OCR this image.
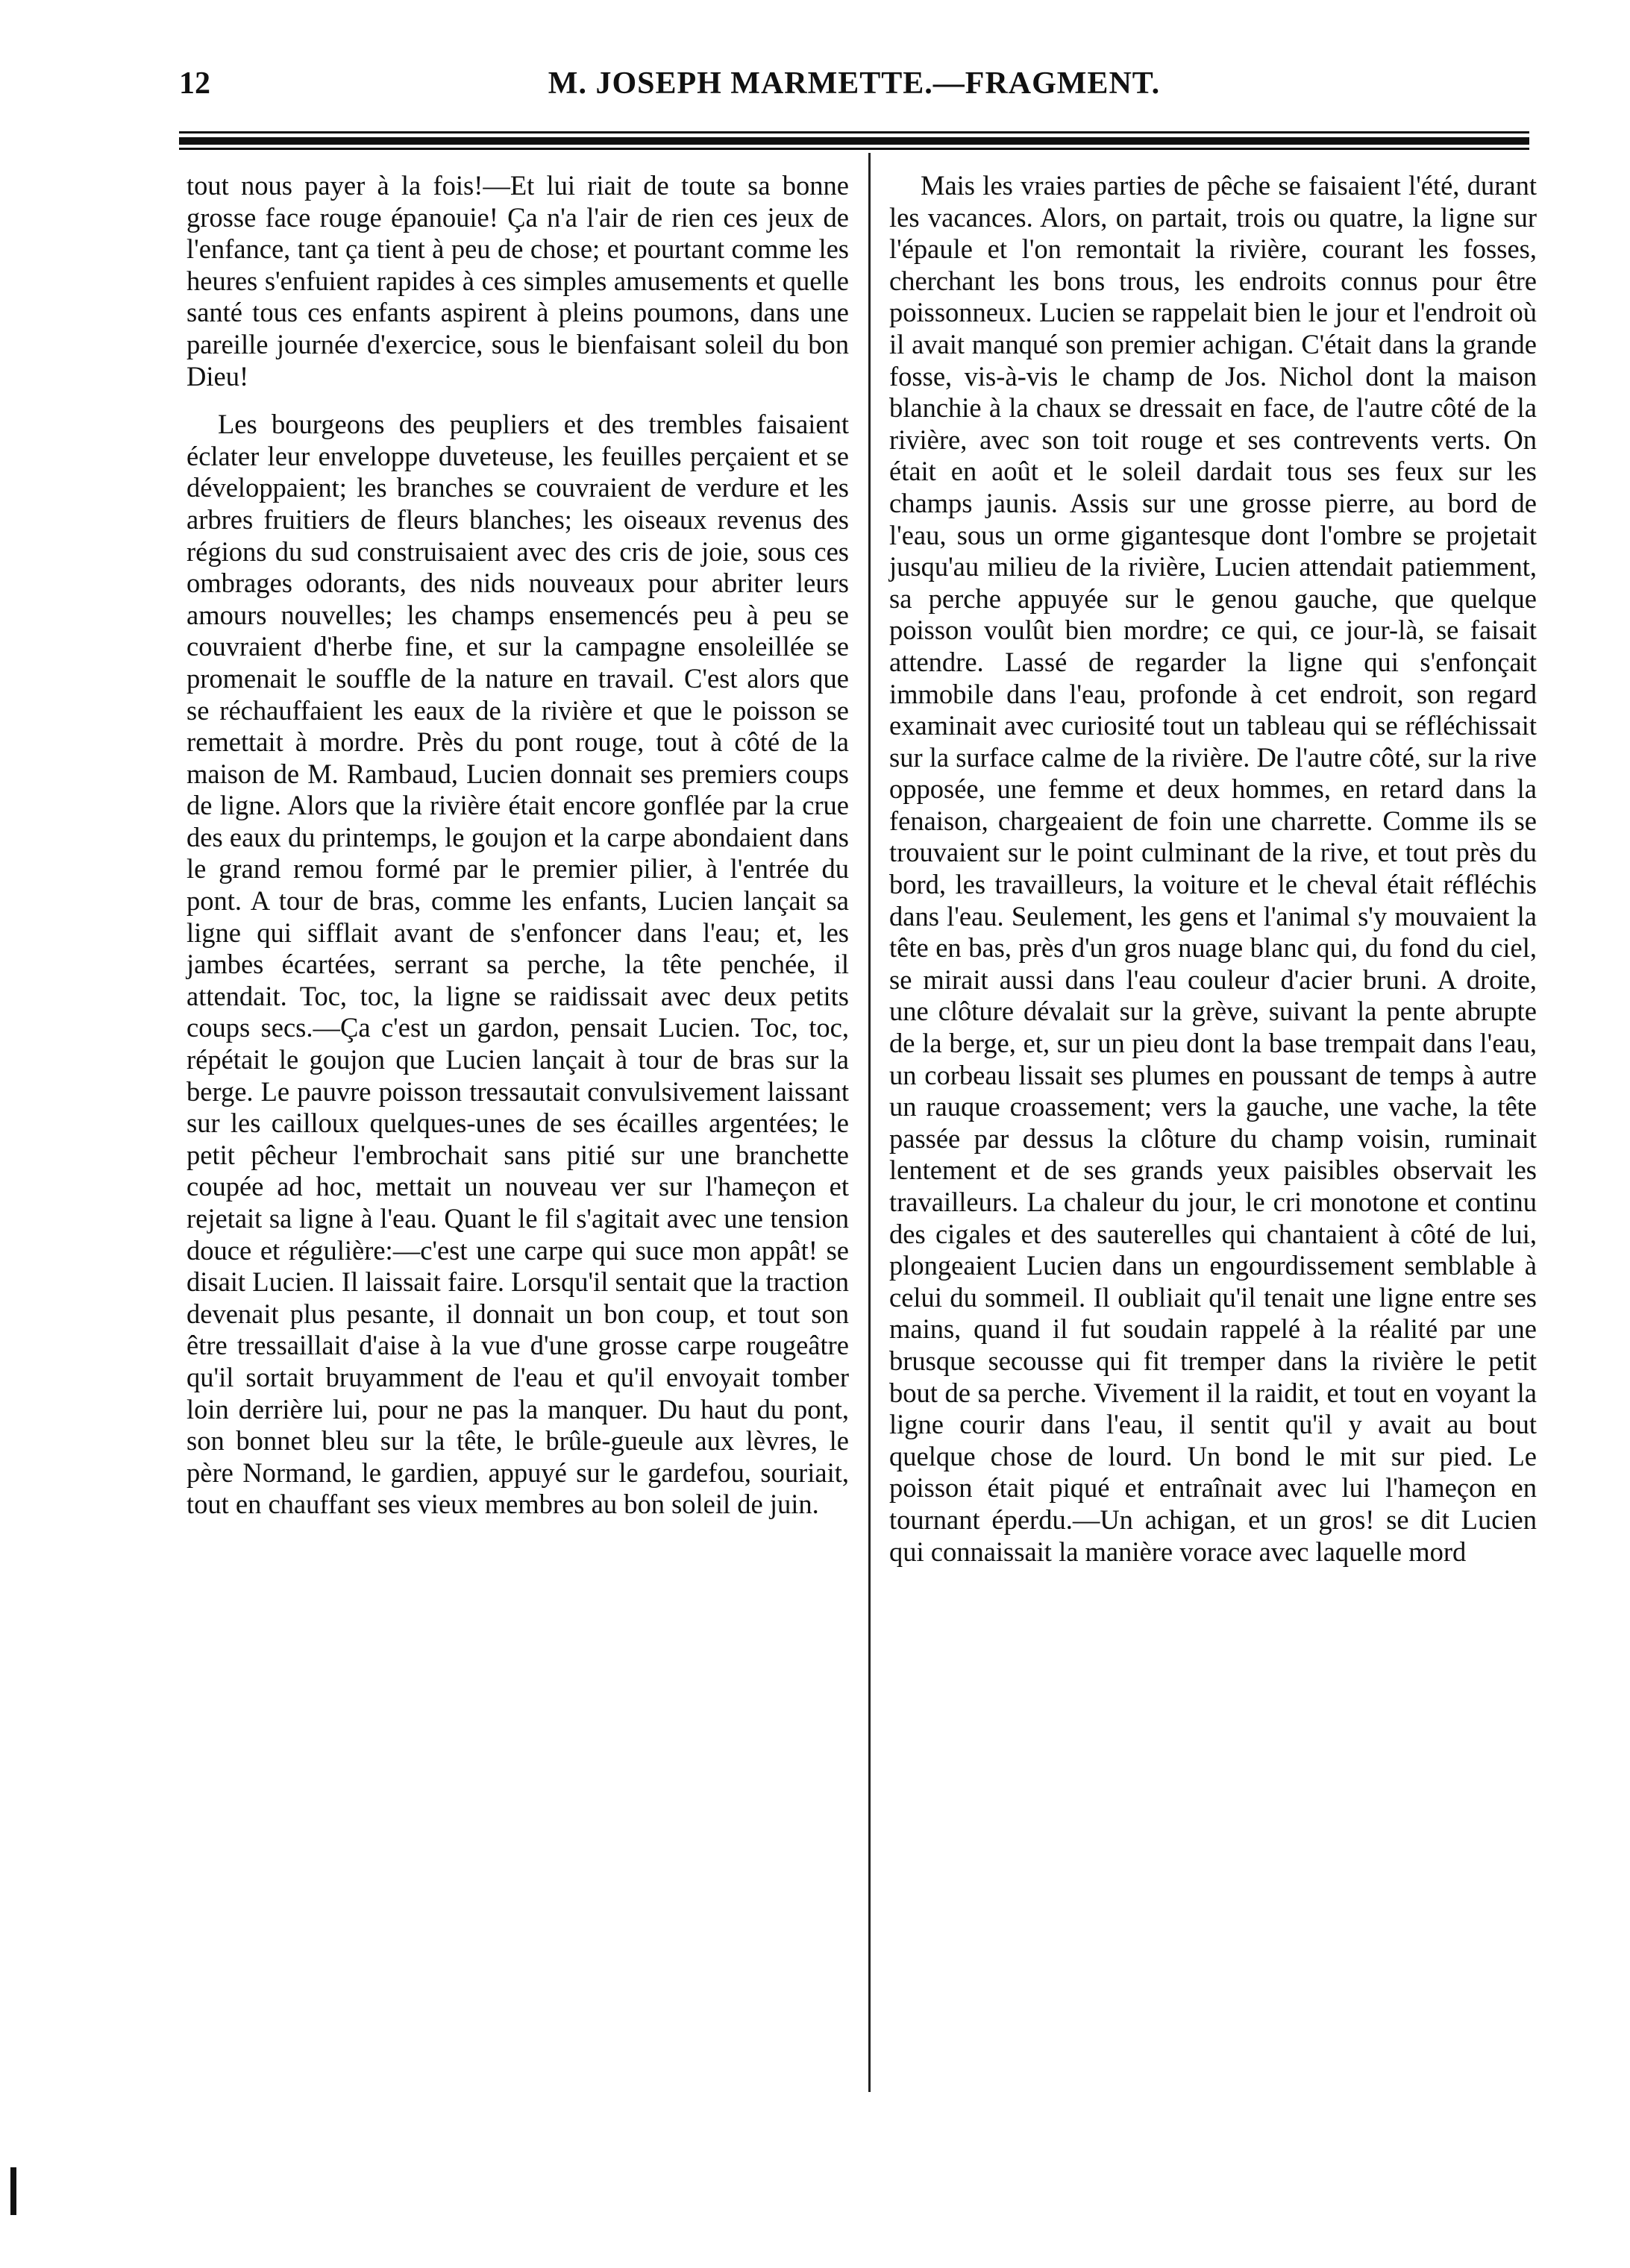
12	M. JOSEPH MARMETTE.—FRAGMENT.

tout nous payer à la fois!—Et lui riait de toute sa bonne grosse face rouge épanouie! Ça n'a l'air de rien ces jeux de l'enfance, tant ça tient à peu de chose; et pourtant comme les heures s'enfuient rapides à ces simples amusements et quelle santé tous ces enfants aspirent à pleins poumons, dans une pareille journée d'exercice, sous le bienfaisant soleil du bon Dieu!

Les bourgeons des peupliers et des trembles faisaient éclater leur enveloppe duveteuse, les feuilles perçaient et se développaient; les branches se couvraient de verdure et les arbres fruitiers de fleurs blanches; les oiseaux revenus des régions du sud construisaient avec des cris de joie, sous ces ombrages odorants, des nids nouveaux pour abriter leurs amours nouvelles; les champs ensemencés peu à peu se couvraient d'herbe fine, et sur la campagne ensoleillée se promenait le souffle de la nature en travail. C'est alors que se réchauffaient les eaux de la rivière et que le poisson se remettait à mordre. Près du pont rouge, tout à côté de la maison de M. Rambaud, Lucien donnait ses premiers coups de ligne. Alors que la rivière était encore gonflée par la crue des eaux du printemps, le goujon et la carpe abondaient dans le grand remou formé par le premier pilier, à l'entrée du pont. A tour de bras, comme les enfants, Lucien lançait sa ligne qui sifflait avant de s'enfoncer dans l'eau; et, les jambes écartées, serrant sa perche, la tête penchée, il attendait. Toc, toc, la ligne se raidissait avec deux petits coups secs.—Ça c'est un gardon, pensait Lucien. Toc, toc, répétait le goujon que Lucien lançait à tour de bras sur la berge. Le pauvre poisson tressautait convulsivement laissant sur les cailloux quelques-unes de ses écailles argentées; le petit pêcheur l'embrochait sans pitié sur une branchette coupée ad hoc, mettait un nouveau ver sur l'hameçon et rejetait sa ligne à l'eau. Quant le fil s'agitait avec une tension douce et régulière:—c'est une carpe qui suce mon appât! se disait Lucien. Il laissait faire. Lorsqu'il sentait que la traction devenait plus pesante, il donnait un bon coup, et tout son être tressaillait d'aise à la vue d'une grosse carpe rougeâtre qu'il sortait bruyamment de l'eau et qu'il envoyait tomber loin derrière lui, pour ne pas la manquer. Du haut du pont, son bonnet bleu sur la tête, le brûle-gueule aux lèvres, le père Normand, le gardien, appuyé sur le gardefou, souriait, tout en chauffant ses vieux membres au bon soleil de juin.

Mais les vraies parties de pêche se faisaient l'été, durant les vacances. Alors, on partait, trois ou quatre, la ligne sur l'épaule et l'on remontait la rivière, courant les fosses, cherchant les bons trous, les endroits connus pour être poissonneux. Lucien se rappelait bien le jour et l'endroit où il avait manqué son premier achigan. C'était dans la grande fosse, vis-à-vis le champ de Jos. Nichol dont la maison blanchie à la chaux se dressait en face, de l'autre côté de la rivière, avec son toit rouge et ses contrevents verts. On était en août et le soleil dardait tous ses feux sur les champs jaunis. Assis sur une grosse pierre, au bord de l'eau, sous un orme gigantesque dont l'ombre se projetait jusqu'au milieu de la rivière, Lucien attendait patiemment, sa perche appuyée sur le genou gauche, que quelque poisson voulût bien mordre; ce qui, ce jour-là, se faisait attendre. Lassé de regarder la ligne qui s'enfonçait immobile dans l'eau, profonde à cet endroit, son regard examinait avec curiosité tout un tableau qui se réfléchissait sur la surface calme de la rivière. De l'autre côté, sur la rive opposée, une femme et deux hommes, en retard dans la fenaison, chargeaient de foin une charrette. Comme ils se trouvaient sur le point culminant de la rive, et tout près du bord, les travailleurs, la voiture et le cheval était réfléchis dans l'eau. Seulement, les gens et l'animal s'y mouvaient la tête en bas, près d'un gros nuage blanc qui, du fond du ciel, se mirait aussi dans l'eau couleur d'acier bruni. A droite, une clôture dévalait sur la grève, suivant la pente abrupte de la berge, et, sur un pieu dont la base trempait dans l'eau, un corbeau lissait ses plumes en poussant de temps à autre un rauque croassement; vers la gauche, une vache, la tête passée par dessus la clôture du champ voisin, ruminait lentement et de ses grands yeux paisibles observait les travailleurs. La chaleur du jour, le cri monotone et continu des cigales et des sauterelles qui chantaient à côté de lui, plongeaient Lucien dans un engourdissement semblable à celui du sommeil. Il oubliait qu'il tenait une ligne entre ses mains, quand il fut soudain rappelé à la réalité par une brusque secousse qui fit tremper dans la rivière le petit bout de sa perche. Vivement il la raidit, et tout en voyant la ligne courir dans l'eau, il sentit qu'il y avait au bout quelque chose de lourd. Un bond le mit sur pied. Le poisson était piqué et entraînait avec lui l'hameçon en tournant éperdu.—Un achigan, et un gros! se dit Lucien qui connaissait la manière vorace avec laquelle mord
